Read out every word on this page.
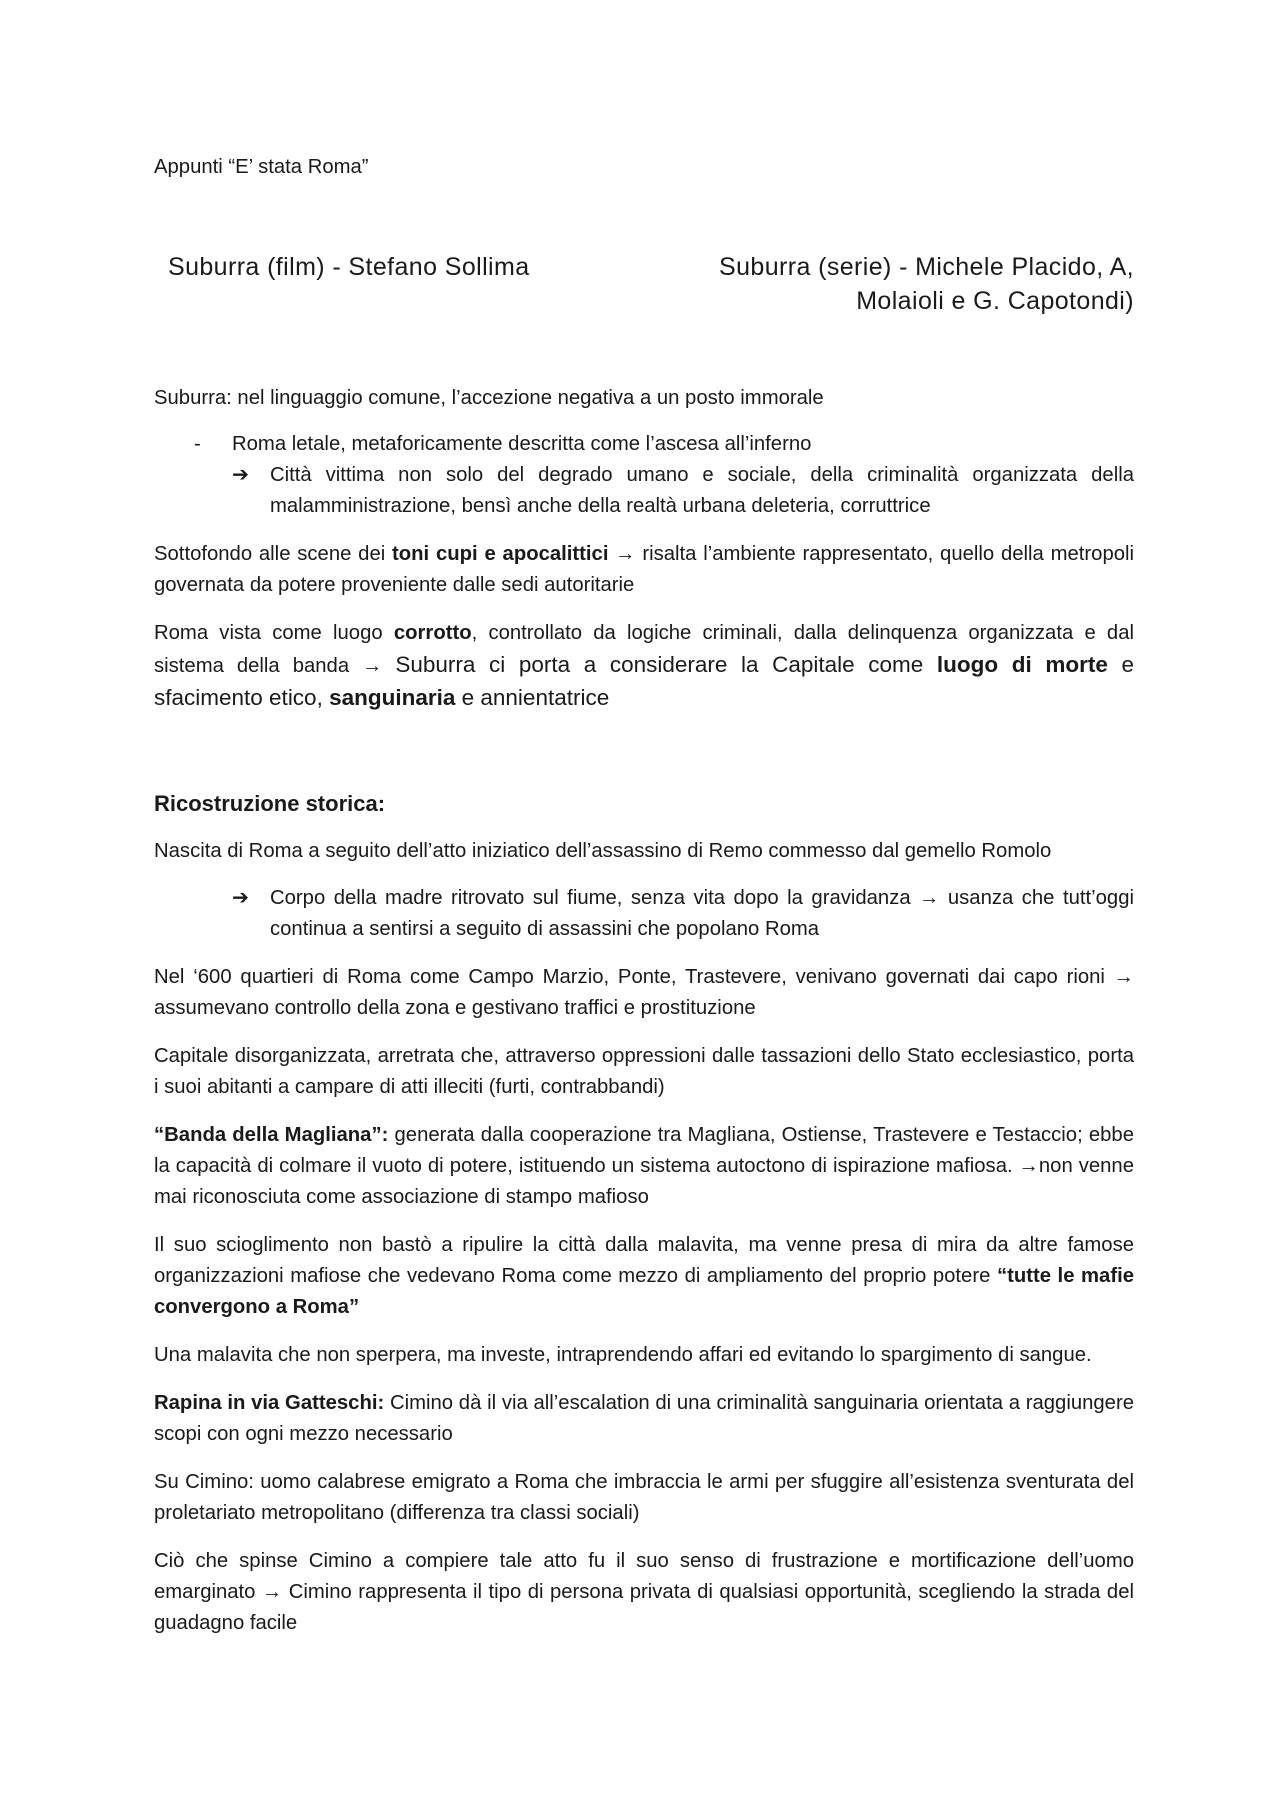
Appunti “E’ stata Roma”

Suburra (film) - Stefano Sollima	Suburra (serie) - Michele Placido, A,
Molaioli e G. Capotondi)

Suburra: nel linguaggio comune, l’accezione negativa a un posto immorale

- Roma letale, metaforicamente descritta come l’ascesa all’inferno

➔ Città vittima non solo del degrado umano e sociale, della criminalità organizzata della malamministrazione, bensì anche della realtà urbana deleteria, corruttrice

Sottofondo alle scene dei toni cupi e apocalittici → risalta l’ambiente rappresentato, quello della metropoli governata da potere proveniente dalle sedi autoritarie

Roma vista come luogo corrotto, controllato da logiche criminali, dalla delinquenza organizzata e dal sistema della banda → Suburra ci porta a considerare la Capitale come luogo di morte e sfacimento etico, sanguinaria e annientatrice

Ricostruzione storica:

Nascita di Roma a seguito dell’atto iniziatico dell’assassino di Remo commesso dal gemello Romolo

➔ Corpo della madre ritrovato sul fiume, senza vita dopo la gravidanza → usanza che tutt’oggi continua a sentirsi a seguito di assassini che popolano Roma

Nel ‘600 quartieri di Roma come Campo Marzio, Ponte, Trastevere, venivano governati dai capo rioni → assumevano controllo della zona e gestivano traffici e prostituzione

Capitale disorganizzata, arretrata che, attraverso oppressioni dalle tassazioni dello Stato ecclesiastico, porta i suoi abitanti a campare di atti illeciti (furti, contrabbandi)

“Banda della Magliana”: generata dalla cooperazione tra Magliana, Ostiense, Trastevere e Testaccio; ebbe la capacità di colmare il vuoto di potere, istituendo un sistema autoctono di ispirazione mafiosa. →non venne mai riconosciuta come associazione di stampo mafioso

Il suo scioglimento non bastò a ripulire la città dalla malavita, ma venne presa di mira da altre famose organizzazioni mafiose che vedevano Roma come mezzo di ampliamento del proprio potere “tutte le mafie convergono a Roma”

Una malavita che non sperpera, ma investe, intraprendendo affari ed evitando lo spargimento di sangue.

Rapina in via Gatteschi: Cimino dà il via all’escalation di una criminalità sanguinaria orientata a raggiungere scopi con ogni mezzo necessario

Su Cimino: uomo calabrese emigrato a Roma che imbraccia le armi per sfuggire all’esistenza sventurata del proletariato metropolitano (differenza tra classi sociali)

Ciò che spinse Cimino a compiere tale atto fu il suo senso di frustrazione e mortificazione dell’uomo emarginato → Cimino rappresenta il tipo di persona privata di qualsiasi opportunità, scegliendo la strada del guadagno facile
